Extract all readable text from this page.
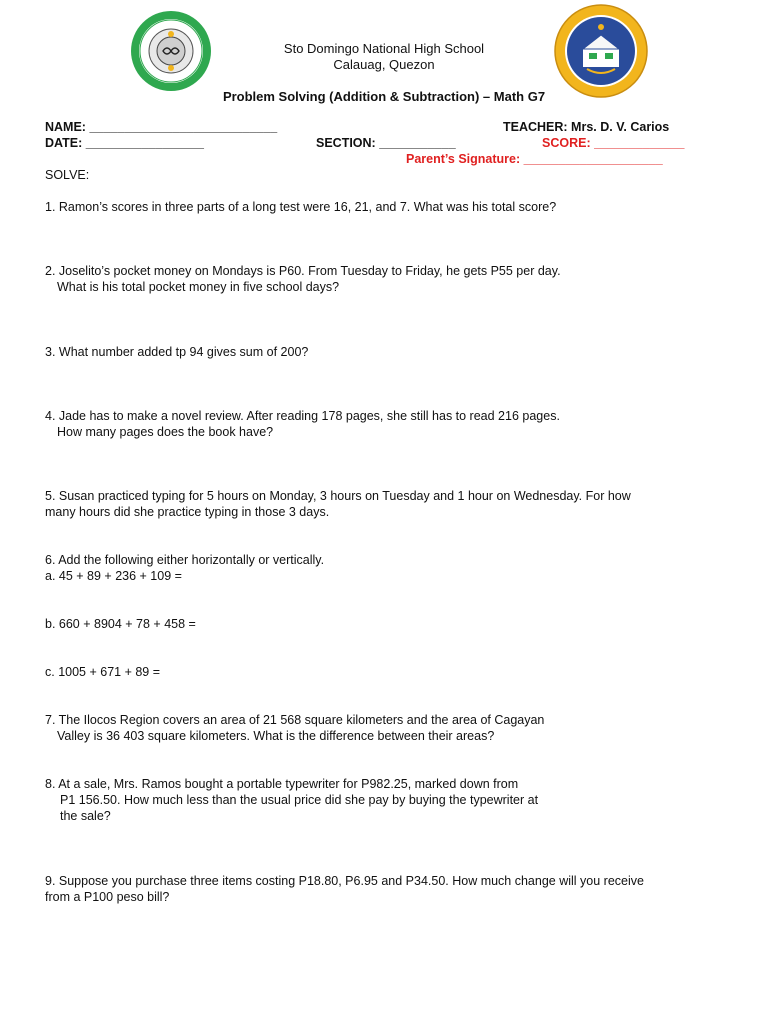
Sto Domingo National High School
Calauag, Quezon
Problem Solving (Addition & Subtraction) – Math G7
NAME: ___________________________	TEACHER: Mrs. D. V. Carios
DATE: _________________	SECTION: ___________	SCORE: _____________
Parent’s Signature: ____________________
SOLVE:
1. Ramon’s scores in three parts of a long test were 16, 21, and 7. What was his total score?
2. Joselito’s pocket money on Mondays is P60. From Tuesday to Friday, he gets P55 per day.
What is his total pocket money in five school days?
3. What number added tp 94 gives sum of 200?
4. Jade has to make a novel review. After reading 178 pages, she still has to read 216 pages.
How many pages does the book have?
5. Susan practiced typing for 5 hours on Monday, 3 hours on Tuesday and 1 hour on Wednesday. For how
many hours did she practice typing in those 3 days.
6. Add the following either horizontally or vertically.
a. 45 + 89 + 236 + 109 =
b. 660 + 8904 + 78 + 458 =
c. 1005 + 671 + 89 =
7. The Ilocos Region covers an area of 21 568 square kilometers and the area of Cagayan
Valley is 36 403 square kilometers. What is the difference between their areas?
8. At a sale, Mrs. Ramos bought a portable typewriter for P982.25, marked down from
P1 156.50. How much less than the usual price did she pay by buying the typewriter at
the sale?
9. Suppose you purchase three items costing P18.80, P6.95 and P34.50. How much change will you receive
from a P100 peso bill?
